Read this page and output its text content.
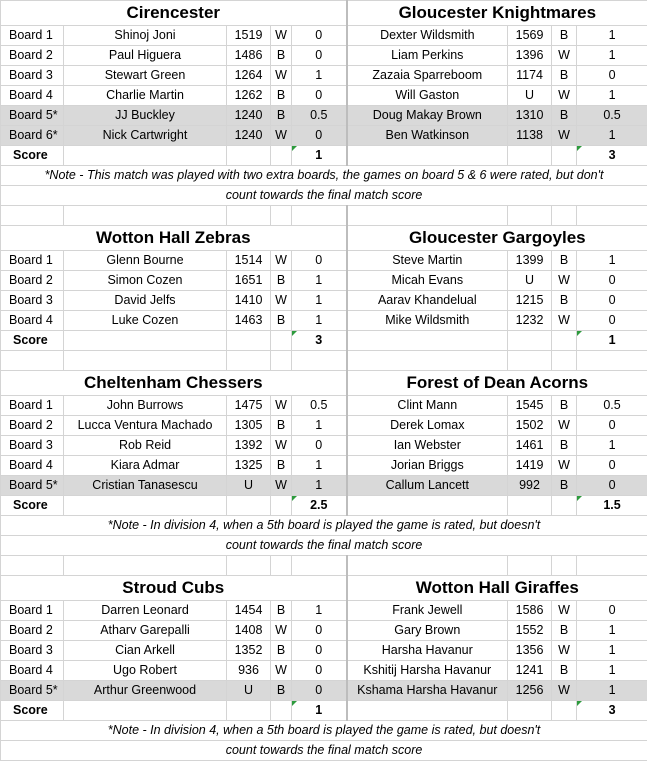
Cirencester					Gloucester Knightmares			
Board 1	Shinoj Joni	1519	W	0	Dexter Wildsmith	1569	B	1
Board 2	Paul Higuera	1486	B	0	Liam Perkins	1396	W	1
Board 3	Stewart Green	1264	W	1	Zazaia Sparreboom	1174	B	0
Board 4	Charlie Martin	1262	B	0	Will Gaston	U	W	1
Board 5*	JJ Buckley	1240	B	0.5	Doug Makay Brown	1310	B	0.5
Board 6*	Nick Cartwright	1240	W	0	Ben Watkinson	1138	W	1
Score				1				3
*Note - This match was played with two extra boards, the games on board 5 & 6 were rated, but don't								
count towards the final match score								

Wotton Hall Zebras					Gloucester Gargoyles			
Board 1	Glenn Bourne	1514	W	0	Steve Martin	1399	B	1
Board 2	Simon Cozen	1651	B	1	Micah Evans	U	W	0
Board 3	David Jelfs	1410	W	1	Aarav Khandelual	1215	B	0
Board 4	Luke Cozen	1463	B	1	Mike Wildsmith	1232	W	0
Score				3				1

Cheltenham Chessers					Forest of Dean Acorns			
Board 1	John Burrows	1475	W	0.5	Clint Mann	1545	B	0.5
Board 2	Lucca Ventura Machado	1305	B	1	Derek Lomax	1502	W	0
Board 3	Rob Reid	1392	W	0	Ian Webster	1461	B	1
Board 4	Kiara Admar	1325	B	1	Jorian Briggs	1419	W	0
Board 5*	Cristian Tanasescu	U	W	1	Callum Lancett	992	B	0
Score				2.5				1.5
*Note - In division 4, when a 5th board is played the game is rated, but doesn't								
count towards the final match score								

Stroud Cubs					Wotton Hall Giraffes			
Board 1	Darren Leonard	1454	B	1	Frank Jewell	1586	W	0
Board 2	Atharv Garepalli	1408	W	0	Gary Brown	1552	B	1
Board 3	Cian Arkell	1352	B	0	Harsha Havanur	1356	W	1
Board 4	Ugo Robert	936	W	0	Kshitij Harsha Havanur	1241	B	1
Board 5*	Arthur Greenwood	U	B	0	Kshama Harsha Havanur	1256	W	1
Score				1				3
*Note - In division 4, when a 5th board is played the game is rated, but doesn't								
count towards the final match score								
